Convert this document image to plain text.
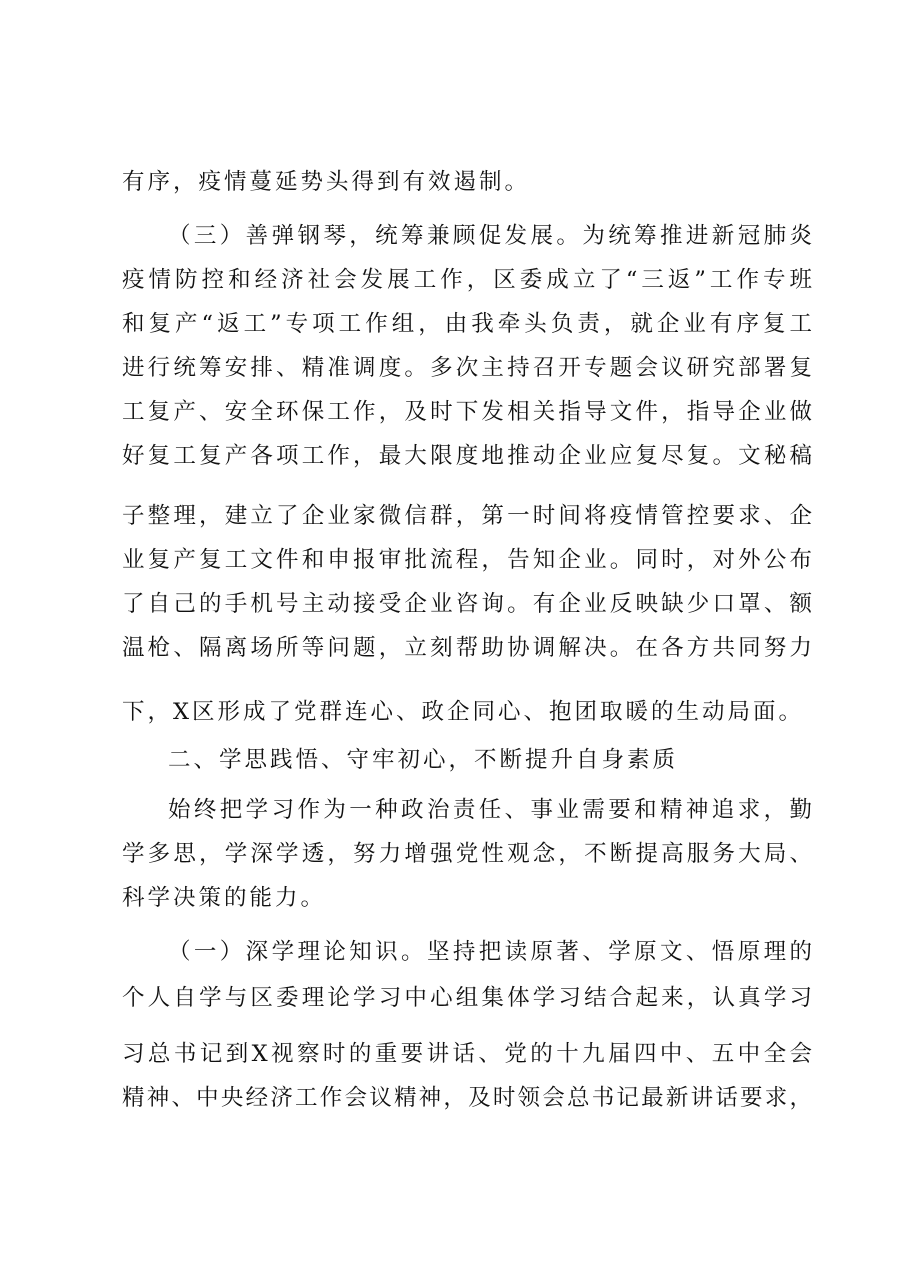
有序，疫情蔓延势头得到有效遏制。
（三）善弹钢琴，统筹兼顾促发展。为统筹推进新冠肺炎
疫情防控和经济社会发展工作，区委成立了“三返”工作专班
和复产“返工”专项工作组，由我牵头负责，就企业有序复工
进行统筹安排、精准调度。多次主持召开专题会议研究部署复
工复产、安全环保工作，及时下发相关指导文件，指导企业做
好复工复产各项工作，最大限度地推动企业应复尽复。文秘稿
子整理，建立了企业家微信群，第一时间将疫情管控要求、企
业复产复工文件和申报审批流程，告知企业。同时，对外公布
了自己的手机号主动接受企业咨询。有企业反映缺少口罩、额
温枪、隔离场所等问题，立刻帮助协调解决。在各方共同努力
下，X区形成了党群连心、政企同心、抱团取暖的生动局面。
二、学思践悟、守牢初心，不断提升自身素质
始终把学习作为一种政治责任、事业需要和精神追求，勤
学多思，学深学透，努力增强党性观念，不断提高服务大局、
科学决策的能力。
（一）深学理论知识。坚持把读原著、学原文、悟原理的
个人自学与区委理论学习中心组集体学习结合起来，认真学习
习总书记到X视察时的重要讲话、党的十九届四中、五中全会
精神、中央经济工作会议精神，及时领会总书记最新讲话要求，
